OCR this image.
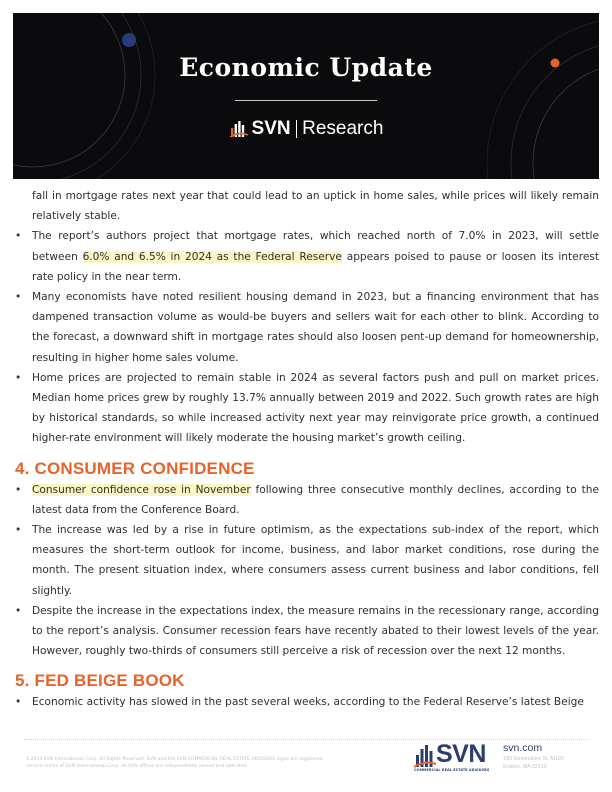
Economic Update
SVN Research

fall in mortgage rates next year that could lead to an uptick in home sales, while prices will likely remain relatively stable.

• The report’s authors project that mortgage rates, which reached north of 7.0% in 2023, will settle between 6.0% and 6.5% in 2024 as the Federal Reserve appears poised to pause or loosen its interest rate policy in the near term.
• Many economists have noted resilient housing demand in 2023, but a financing environment that has dampened transaction volume as would-be buyers and sellers wait for each other to blink. According to the forecast, a downward shift in mortgage rates should also loosen pent-up demand for homeownership, resulting in higher home sales volume.
• Home prices are projected to remain stable in 2024 as several factors push and pull on market prices. Median home prices grew by roughly 13.7% annually between 2019 and 2022. Such growth rates are high by historical standards, so while increased activity next year may reinvigorate price growth, a continued higher-rate environment will likely moderate the housing market’s growth ceiling.
4. CONSUMER CONFIDENCE
• Consumer confidence rose in November following three consecutive monthly declines, according to the latest data from the Conference Board.
• The increase was led by a rise in future optimism, as the expectations sub-index of the report, which measures the short-term outlook for income, business, and labor market conditions, rose during the month. The present situation index, where consumers assess current business and labor conditions, fell slightly.
• Despite the increase in the expectations index, the measure remains in the recessionary range, according to the report’s analysis. Consumer recession fears have recently abated to their lowest levels of the year. However, roughly two-thirds of consumers still perceive a risk of recession over the next 12 months.
5. FED BEIGE BOOK
• Economic activity has slowed in the past several weeks, according to the Federal Reserve’s latest Beige
©2023 SVN International Corp. All Rights Reserved. SVN and the SVN COMMERCIAL REAL ESTATE ADVISORS logos are registered service marks of SVN International Corp. All SVN offices are independently owned and operated.	SVN
COMMERCIAL REAL ESTATE ADVISORS
svn.com
185 Devonshire St, M102
Boston, MA 02110
